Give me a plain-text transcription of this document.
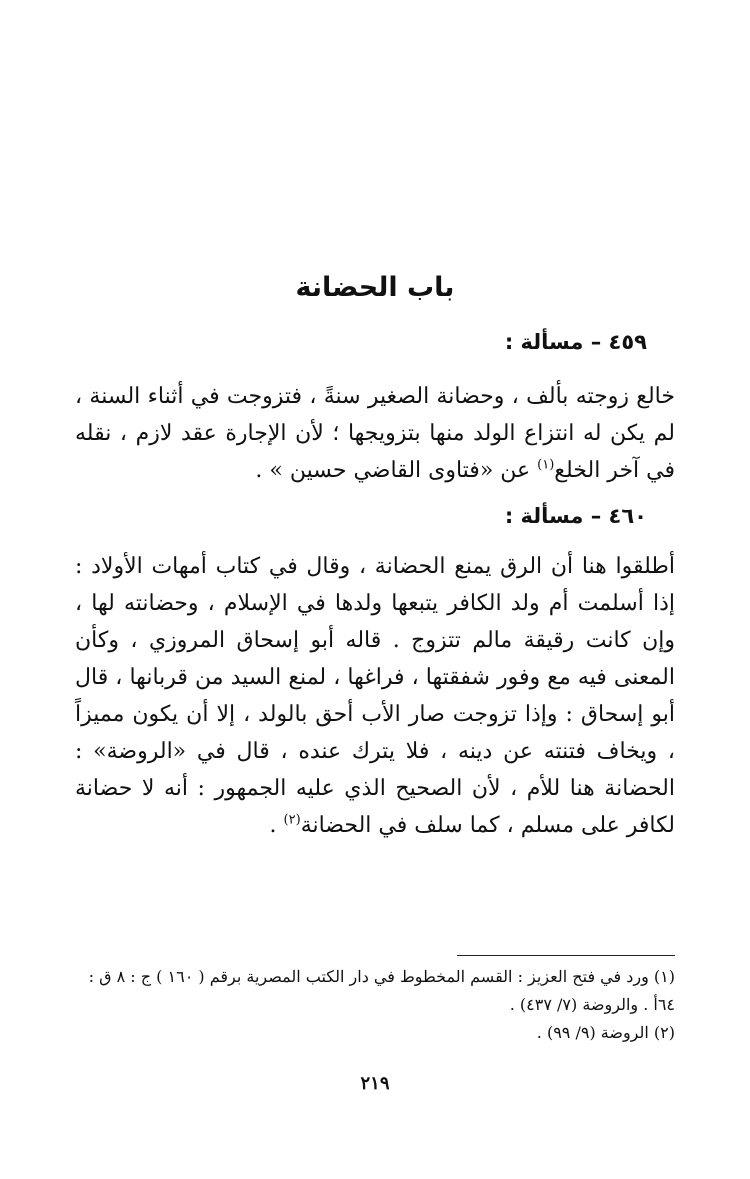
باب الحضانة
٤٥٩ – مسألة :

خالع زوجته بألف ، وحضانة الصغير سنةً ، فتزوجت في أثناء السنة ، لم يكن له انتزاع الولد منها بتزويجها ؛ لأن الإجارة عقد لازم ، نقله في آخر الخلع$^{(١)}$ عن «فتاوى القاضي حسين » .

٤٦٠ – مسألة :

أطلقوا هنا أن الرق يمنع الحضانة ، وقال في كتاب أمهات الأولاد : إذا أسلمت أم ولد الكافر يتبعها ولدها في الإسلام ، وحضانته لها ، وإن كانت رقيقة مالم تتزوج . قاله أبو إسحاق المروزي ، وكأن المعنى فيه مع وفور شفقتها ، فراغها ، لمنع السيد من قربانها ، قال أبو إسحاق : وإذا تزوجت صار الأب أحق بالولد ، إلا أن يكون مميزاً ، ويخاف فتنته عن دينه ، فلا يترك عنده ، قال في «الروضة» : الحضانة هنا للأم ، لأن الصحيح الذي عليه الجمهور : أنه لا حضانة لكافر على مسلم ، كما سلف في الحضانة$^{(٢)}$ .

(١) ورد في فتح العزيز : القسم المخطوط في دار الكتب المصرية برقم ( ١٦٠ ) ج : ٨ ق : ٦٤أ . والروضة (٧/ ٤٣٧) .
(٢) الروضة (٩/ ٩٩) .
٢١٩
